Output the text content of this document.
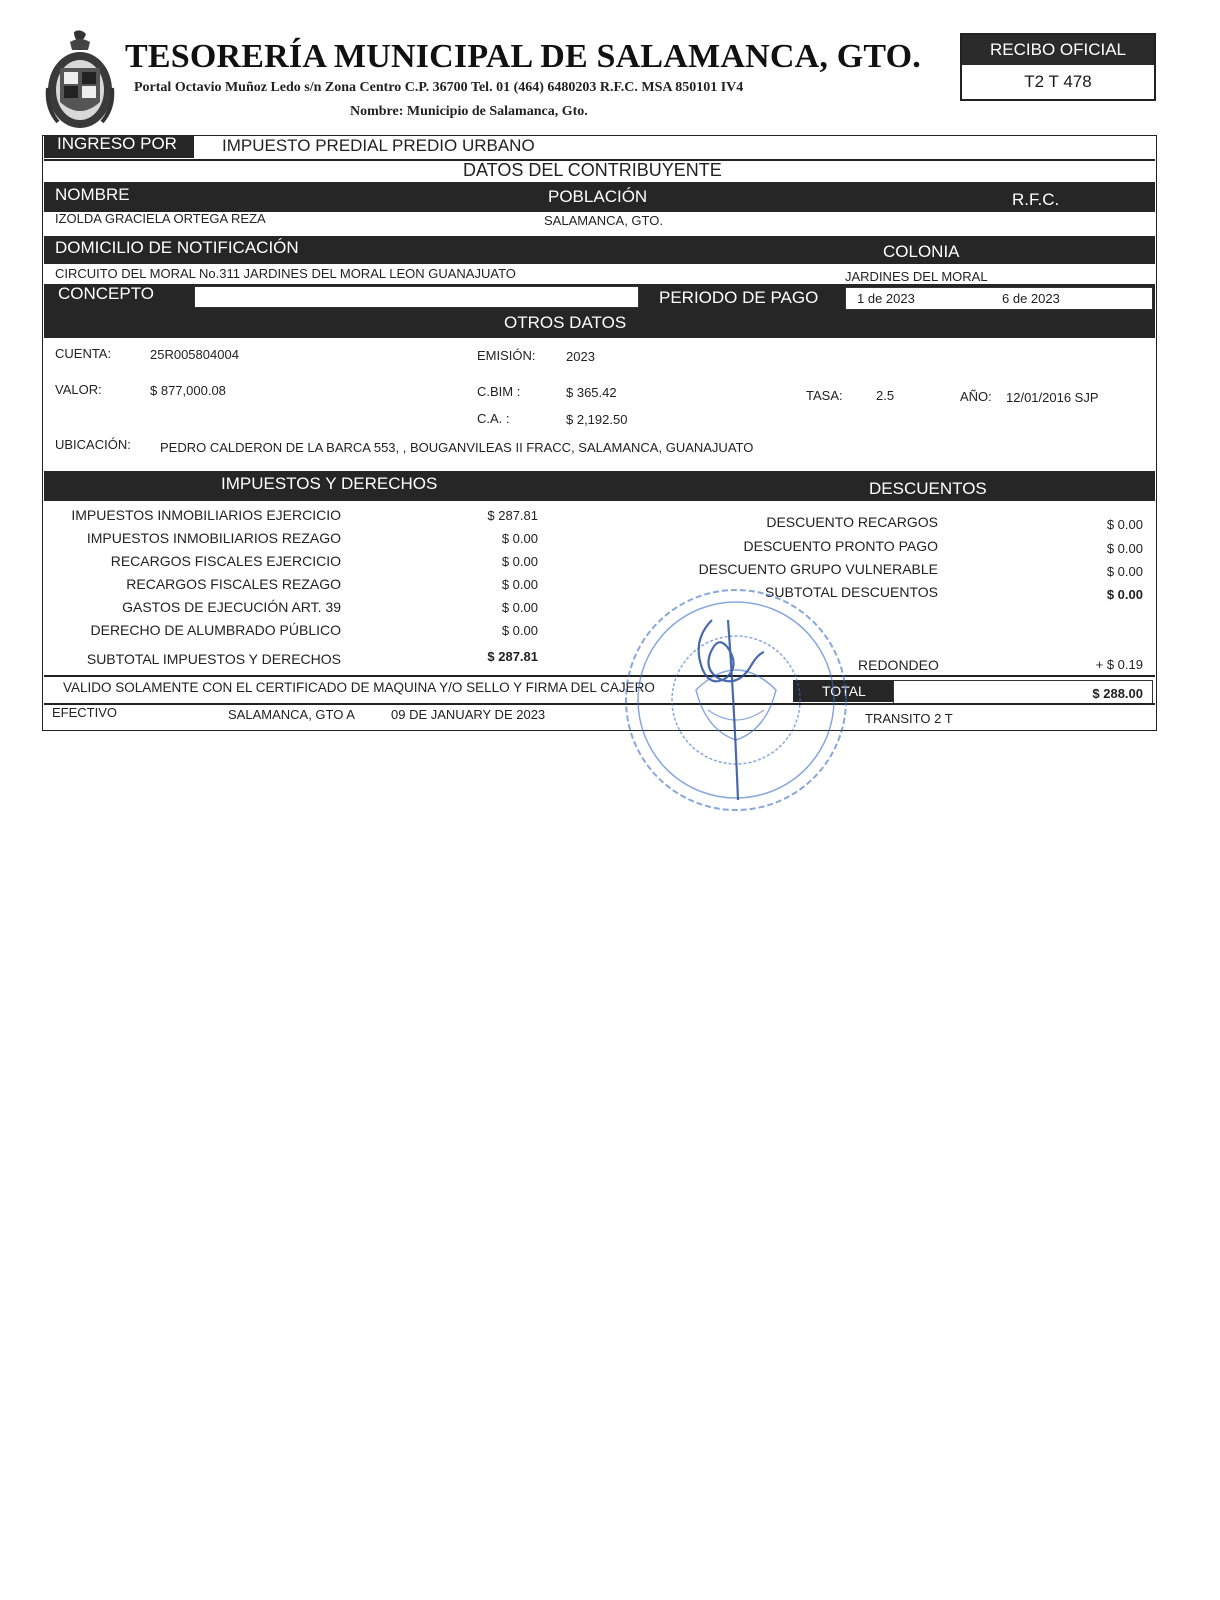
TESORERÍA MUNICIPAL DE SALAMANCA, GTO.
Portal Octavio Muñoz Ledo s/n Zona Centro C.P. 36700 Tel. 01 (464) 6480203 R.F.C. MSA 850101 IV4
Nombre: Municipio de Salamanca, Gto.
RECIBO OFICIAL
T2 T 478
INGRESO POR	IMPUESTO PREDIAL PREDIO URBANO
DATOS DEL CONTRIBUYENTE
NOMBRE	POBLACIÓN	R.F.C.
IZOLDA GRACIELA ORTEGA REZA	SALAMANCA, GTO.
DOMICILIO DE NOTIFICACIÓN	COLONIA
CIRCUITO DEL MORAL No.311 JARDINES DEL MORAL LEON GUANAJUATO	JARDINES DEL MORAL
CONCEPTO	PERIODO DE PAGO	1 de 2023	6 de 2023
OTROS DATOS
CUENTA:	25R005804004	EMISIÓN: 2023
VALOR:	$ 877,000.08	C.BIM :	$ 365.42	TASA:	2.5	AÑO: 12/01/2016 SJP
C.A. :	$ 2,192.50
UBICACIÓN: PEDRO CALDERON DE LA BARCA 553, , BOUGANVILEAS II FRACC, SALAMANCA, GUANAJUATO
IMPUESTOS Y DERECHOS	DESCUENTOS
IMPUESTOS INMOBILIARIOS EJERCICIO	$ 287.81
IMPUESTOS INMOBILIARIOS REZAGO	$ 0.00
RECARGOS FISCALES EJERCICIO	$ 0.00
RECARGOS FISCALES REZAGO	$ 0.00
GASTOS DE EJECUCIÓN ART. 39	$ 0.00
DERECHO DE ALUMBRADO PÚBLICO	$ 0.00
SUBTOTAL IMPUESTOS Y DERECHOS	$ 287.81
DESCUENTO RECARGOS	$ 0.00
DESCUENTO PRONTO PAGO	$ 0.00
DESCUENTO GRUPO VULNERABLE	$ 0.00
SUBTOTAL DESCUENTOS	$ 0.00
REDONDEO	+ $ 0.19
VALIDO SOLAMENTE CON EL CERTIFICADO DE MAQUINA Y/O SELLO Y FIRMA DEL CAJERO	TOTAL	$ 288.00
EFECTIVO	SALAMANCA, GTO A	09 DE JANUARY DE 2023	TRANSITO 2 T
